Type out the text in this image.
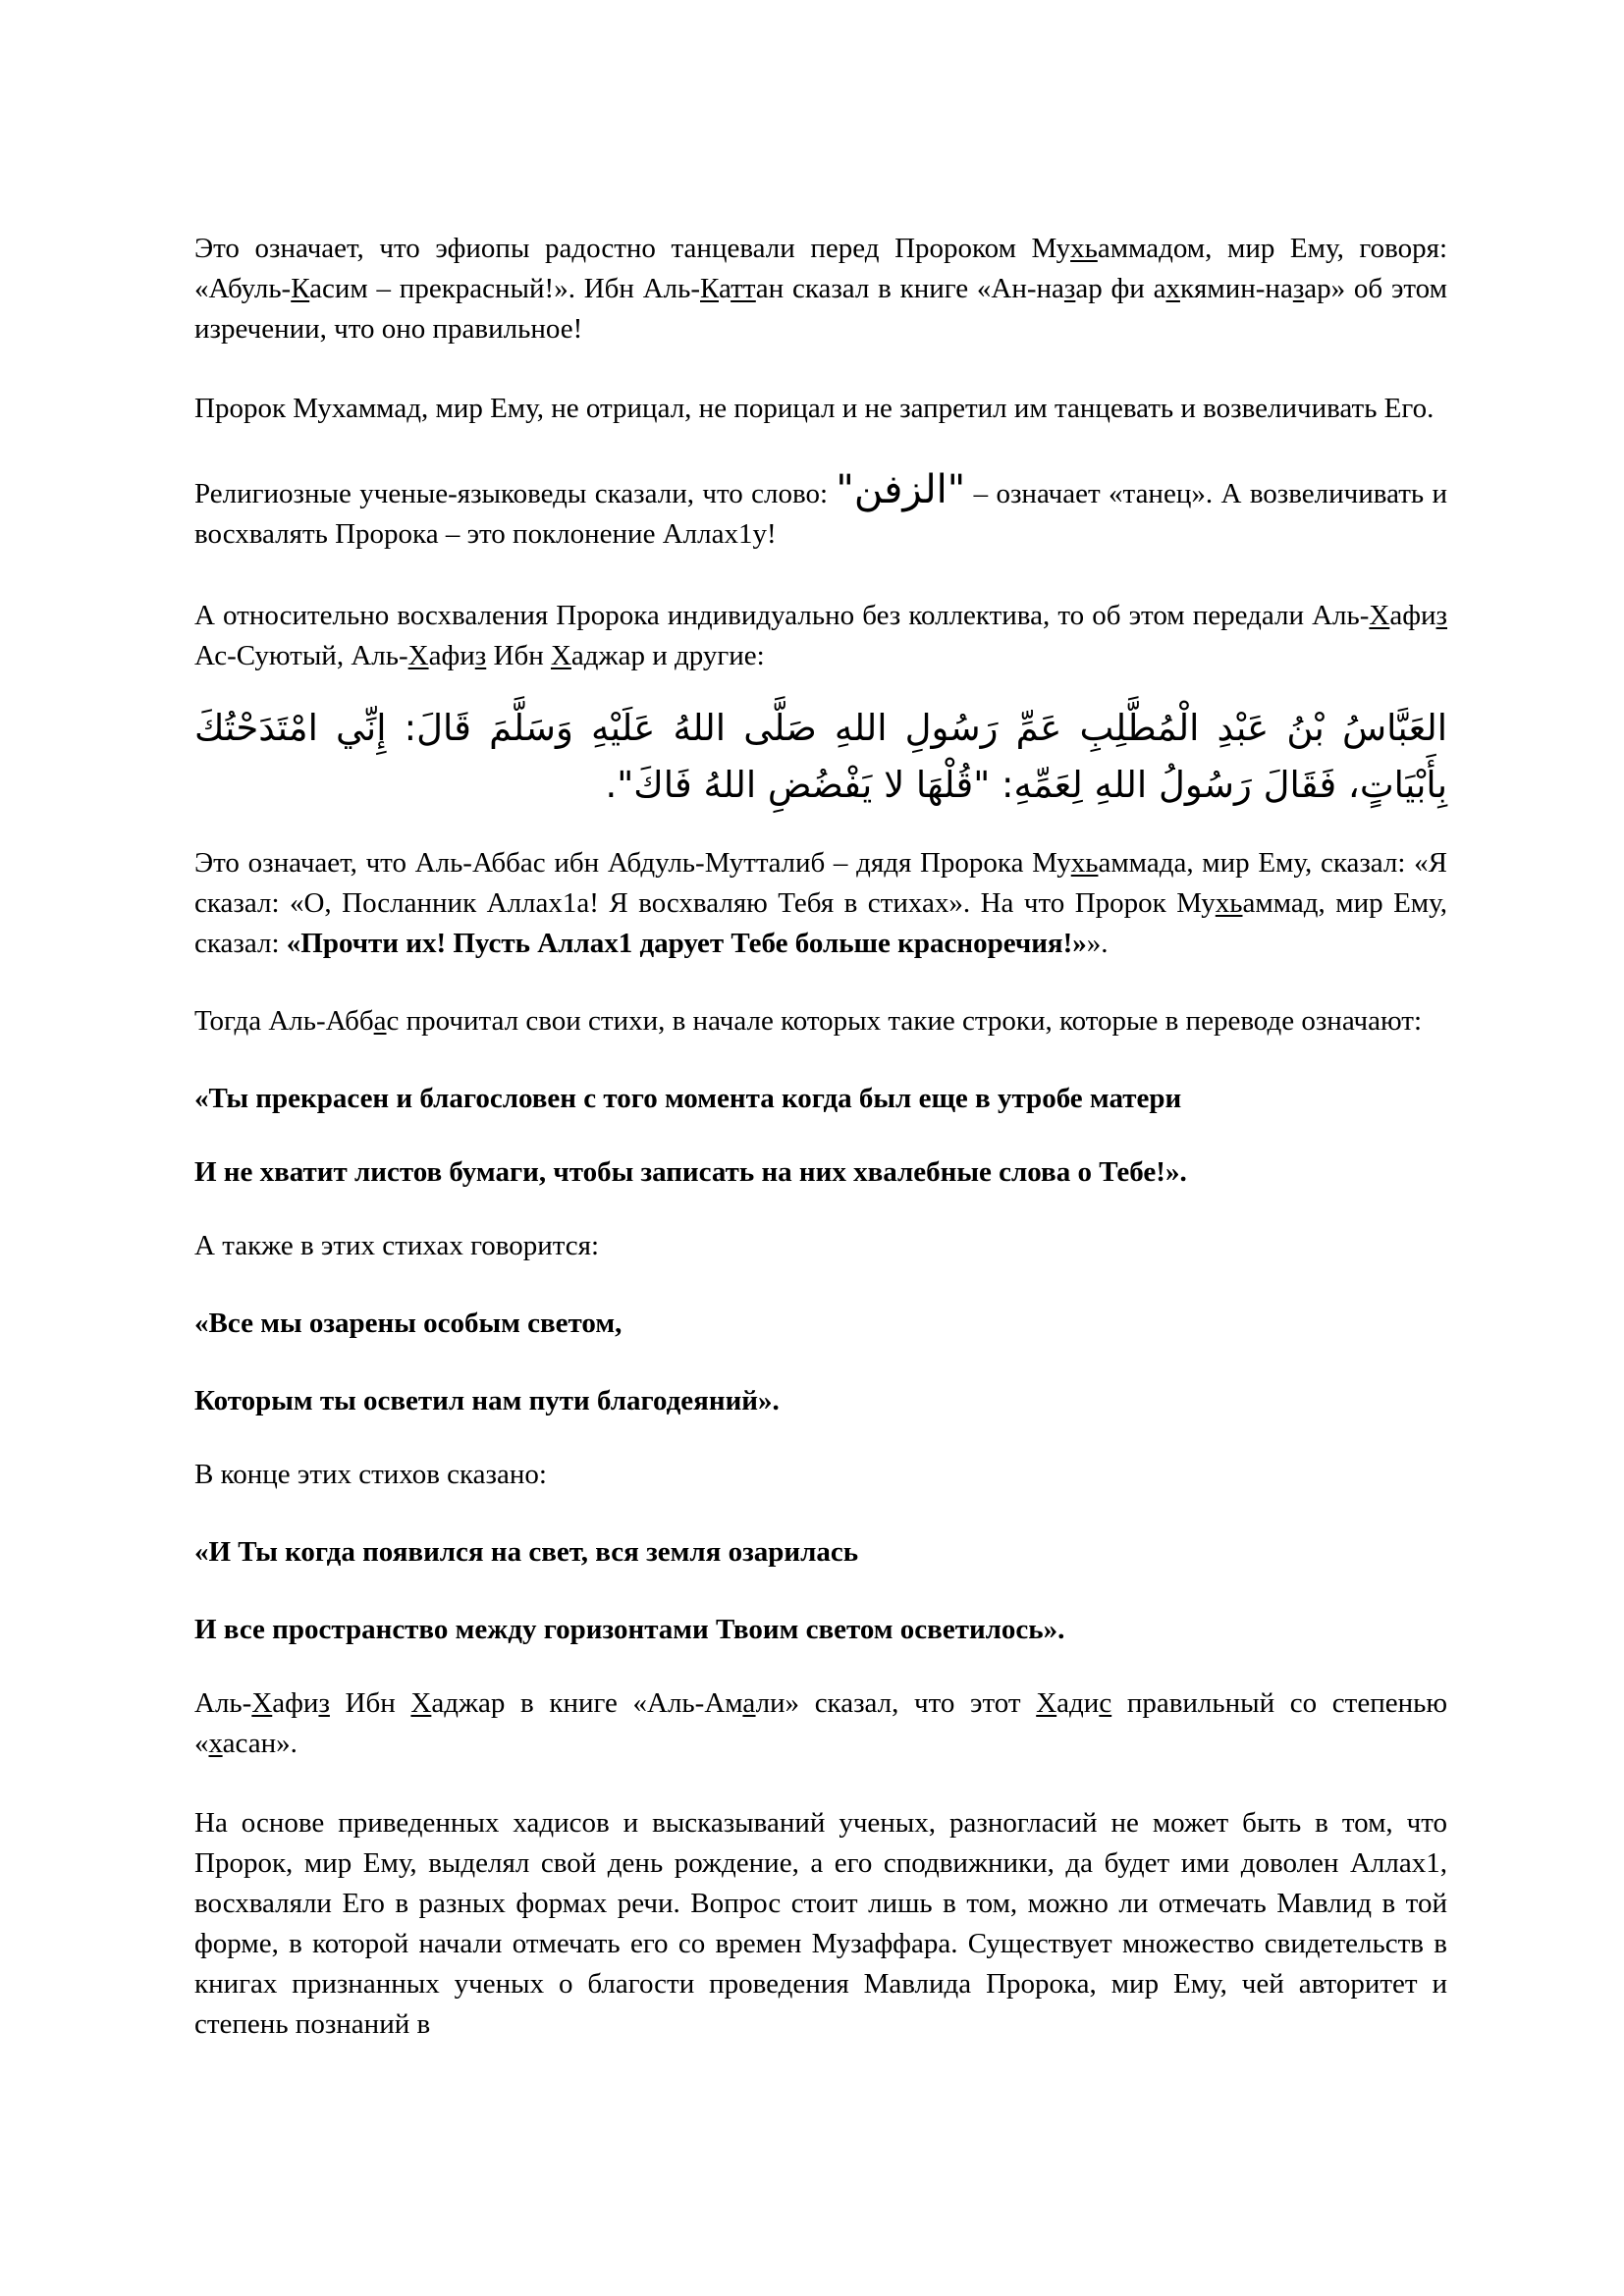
Это означает, что эфиопы радостно танцевали перед Пророком Мухьаммадом, мир Ему, говоря: «Абуль-Касим – прекрасный!». Ибн Аль-Каттан сказал в книге «Ан-назар фи ахкямин-назар» об этом изречении, что оно правильное!

Пророк Мухаммад, мир Ему, не отрицал, не порицал и не запретил им танцевать и возвеличивать Его.

Религиозные ученые-языковеды сказали, что слово: "الزفن" – означает «танец». А возвеличивать и восхвалять Пророка – это поклонение Аллах1у!

А относительно восхваления Пророка индивидуально без коллектива, то об этом передали Аль-Хафиз Ас-Суютый, Аль-Хафиз Ибн Хаджар и другие:

العَبَّاسُ بْنُ عَبْدِ الْمُطَّلِبِ عَمِّ رَسُولِ اللهِ صَلَّى اللهُ عَلَيْهِ وَسَلَّمَ قَالَ: إِنِّي امْتَدَحْتُكَ بِأَبْيَاتٍ، فَقَالَ رَسُولُ اللهِ لِعَمِّهِ: "قُلْهَا لا يَفْضُضِ اللهُ فَاكَ".

Это означает, что Аль-Аббас ибн Абдуль-Муттaлиб – дядя Пророка Мухьаммада, мир Ему, сказал: «Я сказал: «О, Посланник Аллах1а! Я восхваляю Тебя в стихах». На что Пророк Мухьаммад, мир Ему, сказал: «Прочти их! Пусть Аллах1 дарует Тебе больше красноречия!»».

Тогда Аль-Аббас прочитал свои стихи, в начале которых такие строки, которые в переводе означают:

«Ты прекрасен и благословен с того момента когда был еще в утробе матери

И не хватит листов бумаги, чтобы записать на них хвалебные слова о Тебе!».

А также в этих стихах говорится:

«Все мы озарены особым светом,

Которым ты осветил нам пути благодеяний».

В конце этих стихов сказано:

«И Ты когда появился на свет, вся земля озарилась

И все пространство между горизонтами Твоим светом осветилось».

Аль-Хафиз Ибн Хаджар в книге «Аль-Амали» сказал, что этот Хадис правильный со степенью «хасан».

На основе приведенных хадисов и высказываний ученых, разногласий не может быть в том, что Пророк, мир Ему, выделял свой день рождение, а его сподвижники, да будет ими доволен Аллах1, восхваляли Его в разных формах речи. Вопрос стоит лишь в том, можно ли отмечать Мавлид в той форме, в которой начали отмечать его со времен Музаффара. Существует множество свидетельств в книгах признанных ученых о благости проведения Мавлида Пророка, мир Ему, чей авторитет и степень познаний в
